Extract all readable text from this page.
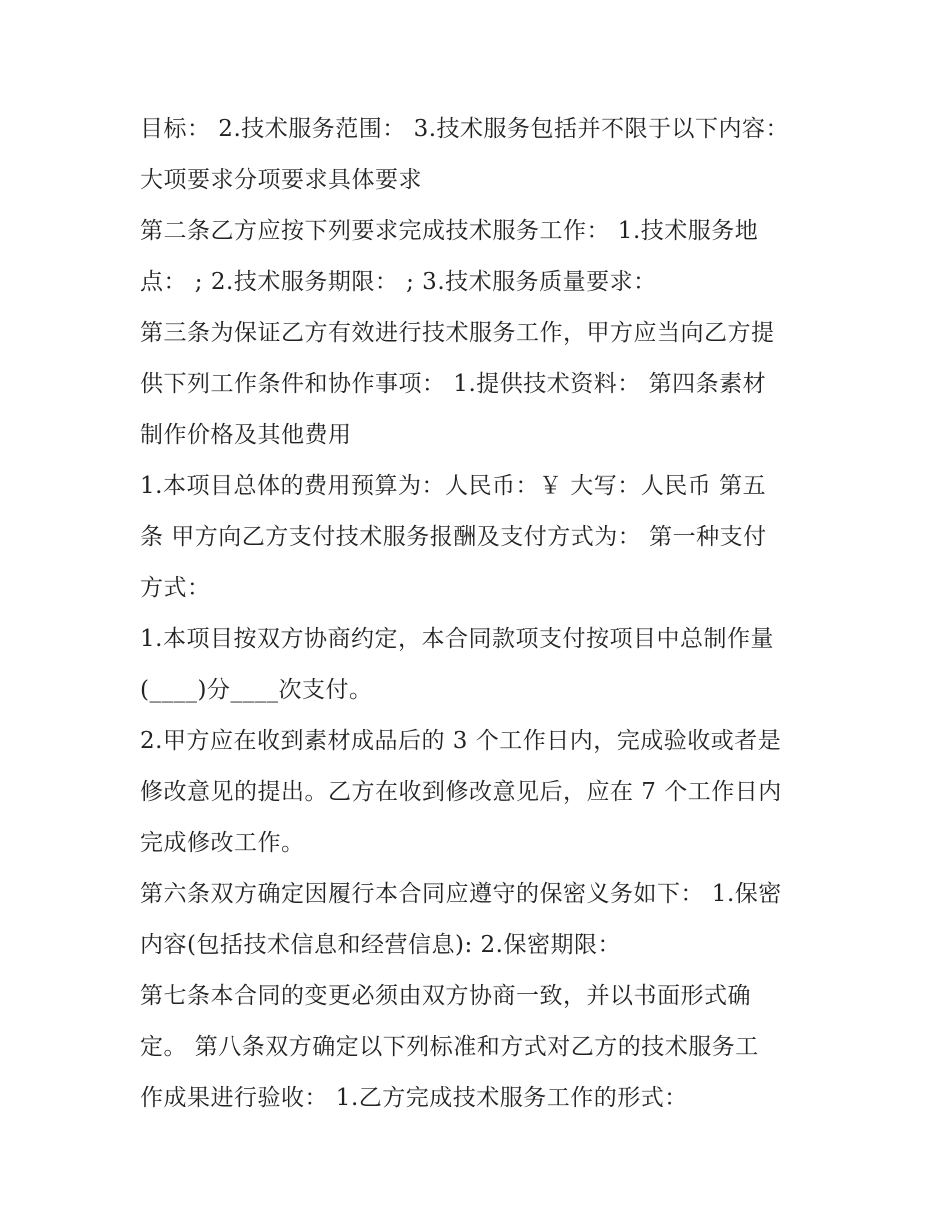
目标： 2.技术服务范围： 3.技术服务包括并不限于以下内容：
大项要求分项要求具体要求
第二条乙方应按下列要求完成技术服务工作： 1.技术服务地
点： ; 2.技术服务期限： ; 3.技术服务质量要求：
第三条为保证乙方有效进行技术服务工作，甲方应当向乙方提
供下列工作条件和协作事项： 1.提供技术资料： 第四条素材
制作价格及其他费用
1.本项目总体的费用预算为：人民币：￥ 大写：人民币 第五
条 甲方向乙方支付技术服务报酬及支付方式为： 第一种支付
方式：
1.本项目按双方协商约定，本合同款项支付按项目中总制作量
(____)分____次支付。
2.甲方应在收到素材成品后的 3 个工作日内，完成验收或者是
修改意见的提出。乙方在收到修改意见后，应在 7 个工作日内
完成修改工作。
第六条双方确定因履行本合同应遵守的保密义务如下： 1.保密
内容(包括技术信息和经营信息): 2.保密期限：
第七条本合同的变更必须由双方协商一致，并以书面形式确
定。 第八条双方确定以下列标准和方式对乙方的技术服务工
作成果进行验收： 1.乙方完成技术服务工作的形式：
